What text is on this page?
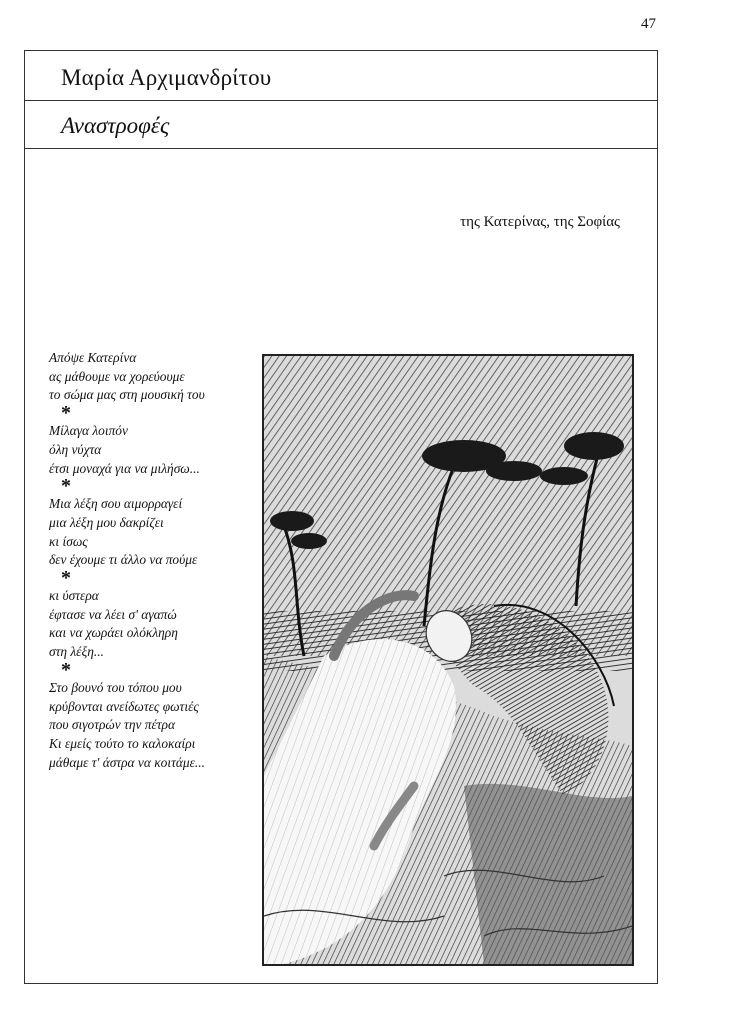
47
Μαρία Αρχιμανδρίτου
Αναστροφές
της Κατερίνας, της Σοφίας
Απόψε Κατερίνα
ας μάθουμε να χορεύουμε
το σώμα μας στη μουσική του
*
Μίλαγα λοιπόν
όλη νύχτα
έτσι μοναχά για να μιλήσω...
*
Μια λέξη σου αιμορραγεί
μια λέξη μου δακρίζει
κι ίσως
δεν έχουμε τι άλλο να πούμε
*
κι ύστερα
έφτασε να λέει σ' αγαπώ
και να χωράει ολόκληρη
στη λέξη...
*
Στο βουνό του τόπου μου
κρύβονται ανείδωτες φωτιές
που σιγοτρών την πέτρα
Κι εμείς τούτο το καλοκαίρι
μάθαμε τ' άστρα να κοιτάμε...
